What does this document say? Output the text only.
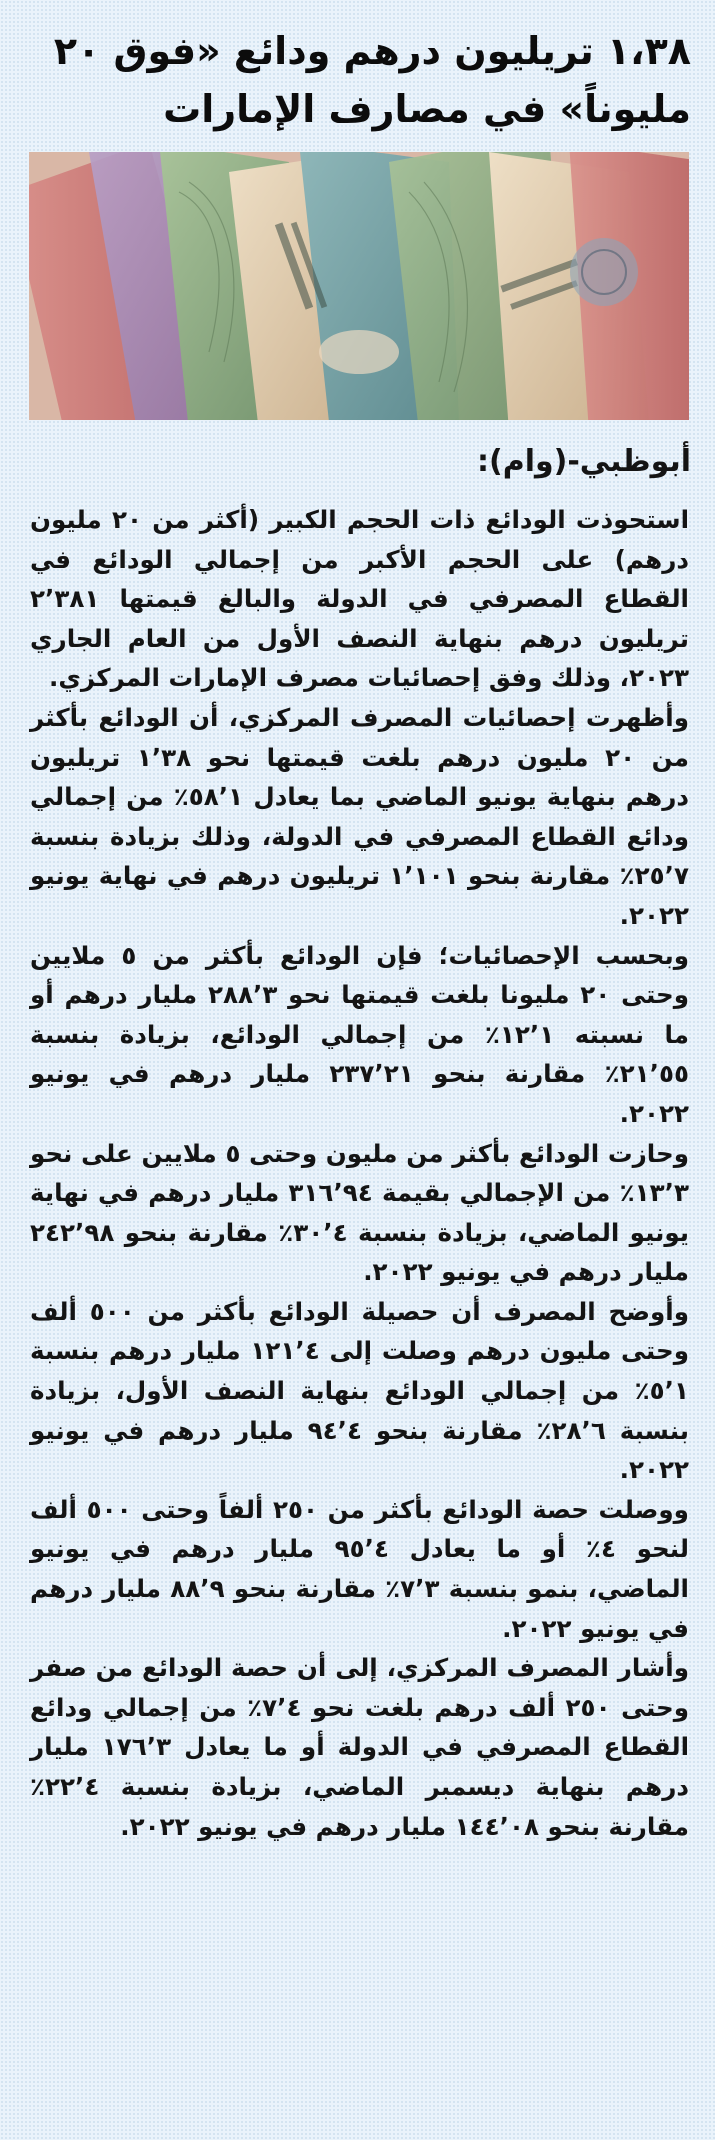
١،٣٨ تريليون درهم ودائع «فوق ٢٠ مليوناً» في مصارف الإمارات
أبوظبي-(وام):

استحوذت الودائع ذات الحجم الكبير (أكثر من ٢٠ مليون درهم) على الحجم الأكبر من إجمالي الودائع في القطاع المصرفي في الدولة والبالغ قيمتها ٢٬٣٨١ تريليون درهم بنهاية النصف الأول من العام الجاري ٢٠٢٣، وذلك وفق إحصائيات مصرف الإمارات المركزي.

وأظهرت إحصائيات المصرف المركزي، أن الودائع بأكثر من ٢٠ مليون درهم بلغت قيمتها نحو ١٬٣٨ تريليون درهم بنهاية يونيو الماضي بما يعادل ٥٨٬١٪ من إجمالي ودائع القطاع المصرفي في الدولة، وذلك بزيادة بنسبة ٢٥٬٧٪ مقارنة بنحو ١٬١٠١ تريليون درهم في نهاية يونيو ٢٠٢٢.

وبحسب الإحصائيات؛ فإن الودائع بأكثر من ٥ ملايين وحتى ٢٠ مليونا بلغت قيمتها نحو ٢٨٨٬٣ مليار درهم أو ما نسبته ١٢٬١٪ من إجمالي الودائع، بزيادة بنسبة ٢١٬٥٥٪ مقارنة بنحو ٢٣٧٬٢١ مليار درهم في يونيو ٢٠٢٢.

وحازت الودائع بأكثر من مليون وحتى ٥ ملايين على نحو ١٣٬٣٪ من الإجمالي بقيمة ٣١٦٬٩٤ مليار درهم في نهاية يونيو الماضي، بزيادة بنسبة ٣٠٬٤٪ مقارنة بنحو ٢٤٢٬٩٨ مليار درهم في يونيو ٢٠٢٢.

وأوضح المصرف أن حصيلة الودائع بأكثر من ٥٠٠ ألف وحتى مليون درهم وصلت إلى ١٢١٬٤ مليار درهم بنسبة ٥٬١٪ من إجمالي الودائع بنهاية النصف الأول، بزيادة بنسبة ٢٨٬٦٪ مقارنة بنحو ٩٤٬٤ مليار درهم في يونيو ٢٠٢٢.

ووصلت حصة الودائع بأكثر من ٢٥٠ ألفاً وحتى ٥٠٠ ألف لنحو ٤٪ أو ما يعادل ٩٥٬٤ مليار درهم في يونيو الماضي، بنمو بنسبة ٧٬٣٪ مقارنة بنحو ٨٨٬٩ مليار درهم في يونيو ٢٠٢٢.

وأشار المصرف المركزي، إلى أن حصة الودائع من صفر وحتى ٢٥٠ ألف درهم بلغت نحو ٧٬٤٪ من إجمالي ودائع القطاع المصرفي في الدولة أو ما يعادل ١٧٦٬٣ مليار درهم بنهاية ديسمبر الماضي، بزيادة بنسبة ٢٢٬٤٪ مقارنة بنحو ١٤٤٬٠٨ مليار درهم في يونيو ٢٠٢٢.
